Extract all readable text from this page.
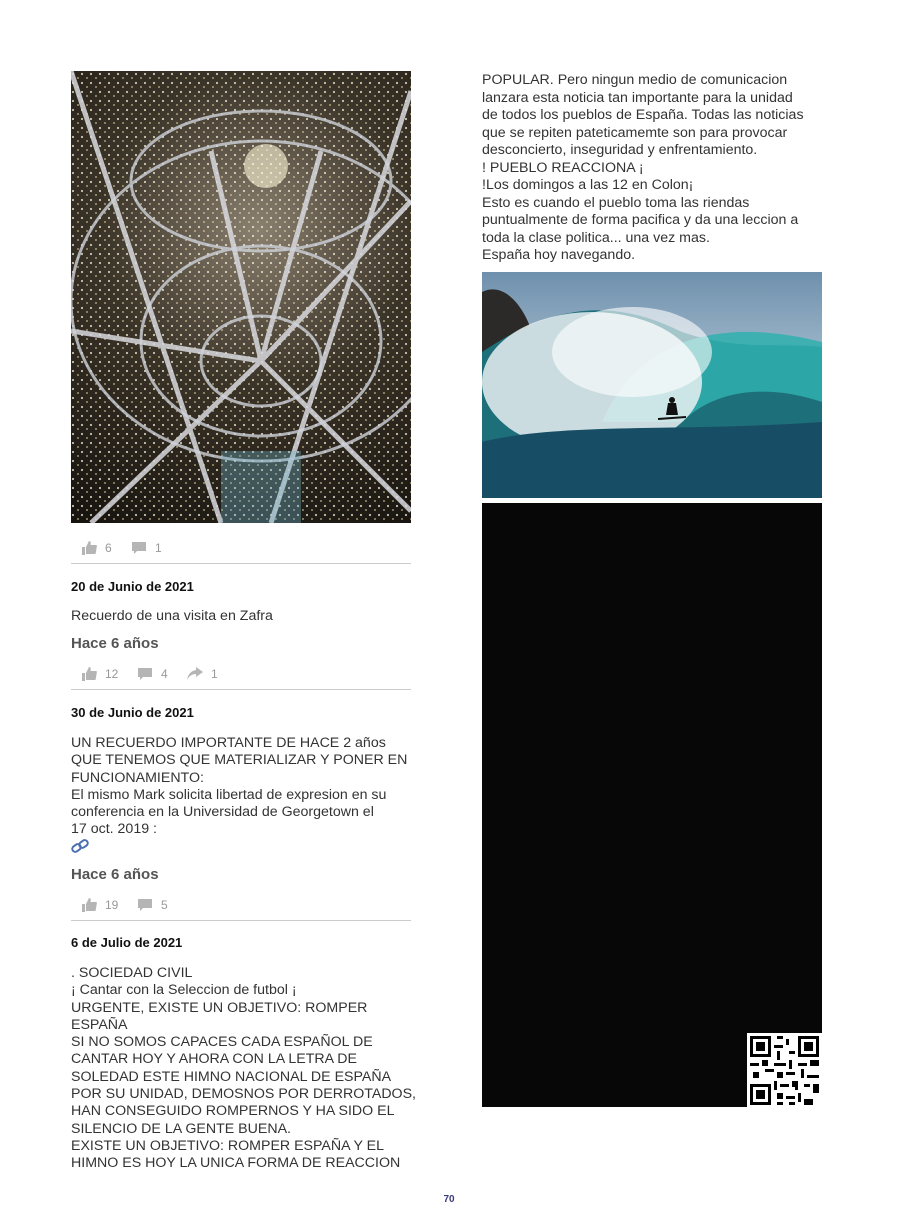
6	1
20 de Junio de 2021
Recuerdo de una visita en Zafra
Hace 6 años
12	4	1
30 de Junio de 2021
UN RECUERDO IMPORTANTE DE HACE 2 años
QUE TENEMOS QUE MATERIALIZAR Y PONER EN
FUNCIONAMIENTO:
El mismo Mark solicita libertad de expresion en su
conferencia en la Universidad de Georgetown el
17 oct. 2019 :
Hace 6 años
19	5
6 de Julio de 2021
. SOCIEDAD CIVIL
¡ Cantar con la Seleccion de futbol ¡
URGENTE, EXISTE UN OBJETIVO: ROMPER ESPAÑA
SI NO SOMOS CAPACES CADA ESPAÑOL DE
CANTAR HOY Y AHORA CON LA LETRA DE
SOLEDAD ESTE HIMNO NACIONAL DE ESPAÑA
POR SU UNIDAD, DEMOSNOS POR DERROTADOS,
HAN CONSEGUIDO ROMPERNOS Y HA SIDO EL
SILENCIO DE LA GENTE BUENA.
EXISTE UN OBJETIVO: ROMPER ESPAÑA Y EL
HIMNO ES HOY LA UNICA FORMA DE REACCION
POPULAR. Pero ningun medio de comunicacion
lanzara esta noticia tan importante para la unidad
de todos los pueblos de España. Todas las noticias
que se repiten pateticamemte son para provocar
desconcierto, inseguridad y enfrentamiento.
! PUEBLO REACCIONA ¡
!Los domingos a las 12 en Colon¡
Esto es cuando el pueblo toma las riendas
puntualmente de forma pacifica y da una leccion a
toda la clase politica... una vez mas.
España hoy navegando.
70
